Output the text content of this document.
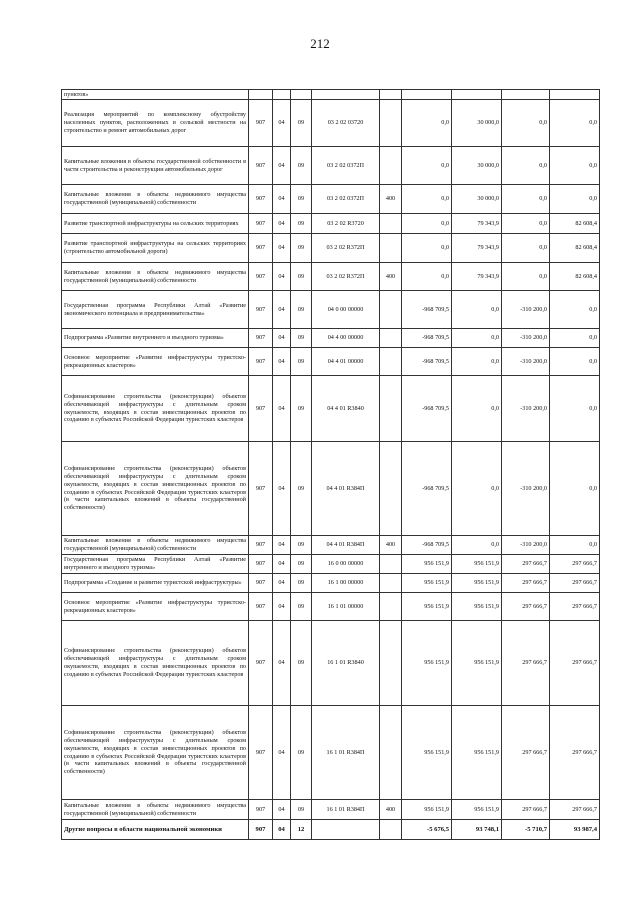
212
пунктов»									
Реализация мероприятий по комплексному обустройству населенных пунктов, расположенных в сельской местности на строительство и ремонт автомобильных дорог	907	04	09	03 2 02 03720		0,0	30 000,0	0,0	0,0
Капитальные вложения в объекты государственной собственности в части строительства и реконструкции автомобильных дорог	907	04	09	03 2 02 0372П		0,0	30 000,0	0,0	0,0
Капитальные вложения в объекты недвижимого имущества государственной (муниципальной) собственности	907	04	09	03 2 02 0372П	400	0,0	30 000,0	0,0	0,0
Развитие транспортной инфраструктуры на сельских территориях	907	04	09	03 2 02 R3720		0,0	79 343,9	0,0	82 608,4
Развитие транспортной инфраструктуры на сельских территориях (строительство автомобильной дороги)	907	04	09	03 2 02 R372П		0,0	79 343,9	0,0	82 608,4
Капитальные вложения в объекты недвижимого имущества государственной (муниципальной) собственности	907	04	09	03 2 02 R372П	400	0,0	79 343,9	0,0	82 608,4
Государственная программа Республики Алтай «Развитие экономического потенциала и предпринимательства»	907	04	09	04 0 00 00000		-968 709,5	0,0	-310 200,0	0,0
Подпрограмма «Развитие внутреннего и въездного туризма»	907	04	09	04 4 00 00000		-968 709,5	0,0	-310 200,0	0,0
Основное мероприятие «Развитие инфраструктуры туристско-рекреационных кластеров»	907	04	09	04 4 01 00000		-968 709,5	0,0	-310 200,0	0,0
Софинансирование строительства (реконструкции) объектов обеспечивающей инфраструктуры с длительным сроком окупаемости, входящих в состав инвестиционных проектов по созданию в субъектах Российской Федерации туристских кластеров	907	04	09	04 4 01 R3840		-968 709,5	0,0	-310 200,0	0,0
Софинансирование строительства (реконструкции) объектов обеспечивающей инфраструктуры с длительным сроком окупаемости, входящих в состав инвестиционных проектов по созданию в субъектах Российской Федерации туристских кластеров (в части капитальных вложений в объекты государственной собственности)	907	04	09	04 4 01 R384П		-968 709,5	0,0	-310 200,0	0,0
Капитальные вложения в объекты недвижимого имущества государственной (муниципальной) собственности	907	04	09	04 4 01 R384П	400	-968 709,5	0,0	-310 200,0	0,0
Государственная программа Республики Алтай «Развитие внутреннего и въездного туризма»	907	04	09	16 0 00 00000		956 151,9	956 151,9	297 666,7	297 666,7
Подпрограмма «Создание и развитие туристской инфраструктуры»	907	04	09	16 1 00 00000		956 151,9	956 151,9	297 666,7	297 666,7
Основное мероприятие «Развитие инфраструктуры туристско-рекреационных кластеров»	907	04	09	16 1 01 00000		956 151,9	956 151,9	297 666,7	297 666,7
Софинансирование строительства (реконструкции) объектов обеспечивающей инфраструктуры с длительным сроком окупаемости, входящих в состав инвестиционных проектов по созданию в субъектах Российской Федерации туристских кластеров	907	04	09	16 1 01 R3840		956 151,9	956 151,9	297 666,7	297 666,7
Софинансирование строительства (реконструкции) объектов обеспечивающей инфраструктуры с длительным сроком окупаемости, входящих в состав инвестиционных проектов по созданию в субъектах Российской Федерации туристских кластеров (в части капитальных вложений в объекты государственной собственности)	907	04	09	16 1 01 R384П		956 151,9	956 151,9	297 666,7	297 666,7
Капитальные вложения в объекты недвижимого имущества государственной (муниципальной) собственности	907	04	09	16 1 01 R384П	400	956 151,9	956 151,9	297 666,7	297 666,7
Другие вопросы в области национальной экономики	907	04	12			-5 676,5	93 748,1	-5 710,7	93 987,4
